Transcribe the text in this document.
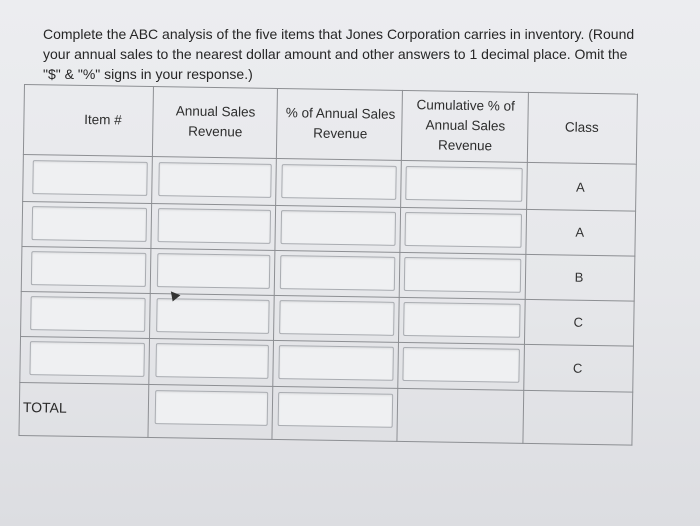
Complete the ABC analysis of the five items that Jones Corporation carries in inventory. (Round your annual sales to the nearest dollar amount and other answers to 1 decimal place. Omit the "$" & "%" signs in your response.)
Item #
Annual Sales Revenue
% of Annual Sales Revenue
Cumulative % of Annual Sales Revenue
Class
A
A
B
C
C
TOTAL
